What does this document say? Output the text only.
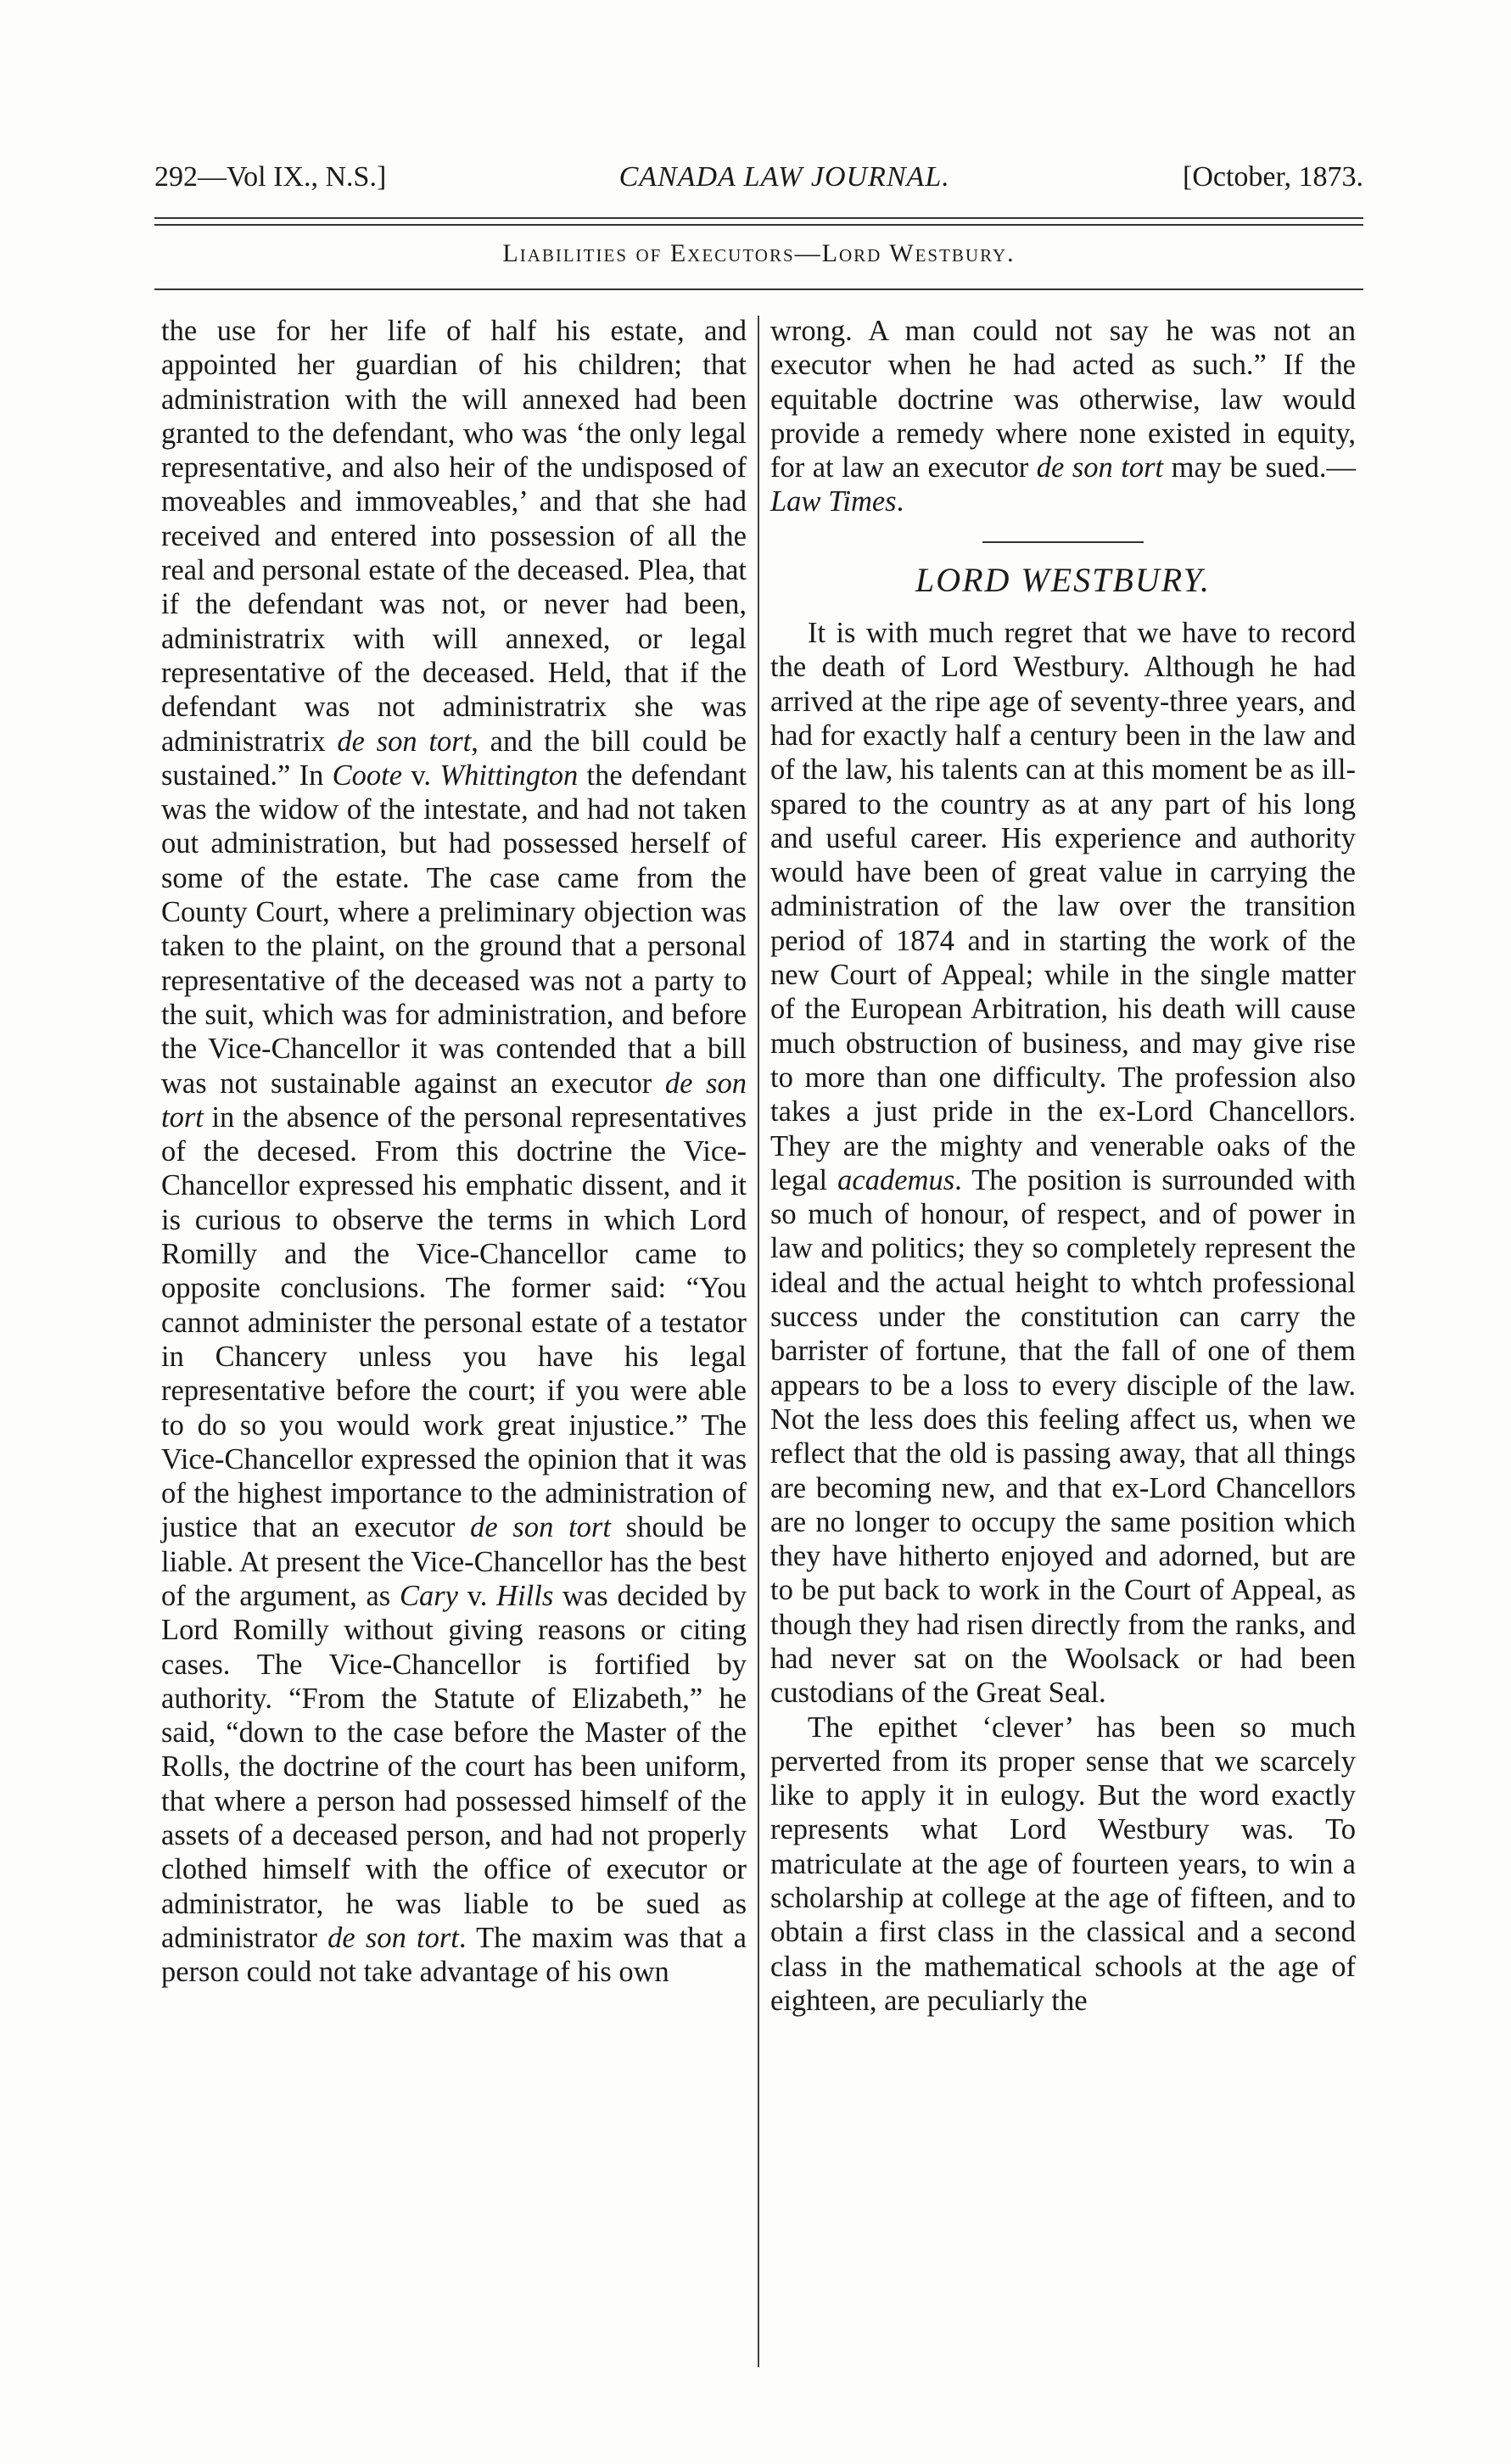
292—Vol IX., N.S.]	CANADA LAW JOURNAL.	[October, 1873.
Liabilities of Executors—Lord Westbury.

the use for her life of half his estate, and appointed her guardian of his children; that administration with the will annexed had been granted to the defendant, who was ‘the only legal representative, and also heir of the undisposed of moveables and immoveables,’ and that she had received and entered into possession of all the real and personal estate of the deceased. Plea, that if the defendant was not, or never had been, administratrix with will annexed, or legal representative of the deceased. Held, that if the defendant was not administratrix she was administratrix de son tort, and the bill could be sustained.” In Coote v. Whittington the defendant was the widow of the intestate, and had not taken out administration, but had possessed herself of some of the estate. The case came from the County Court, where a preliminary objection was taken to the plaint, on the ground that a personal representative of the deceased was not a party to the suit, which was for administration, and before the Vice-Chancellor it was contended that a bill was not sustainable against an executor de son tort in the absence of the personal representatives of the decesed. From this doctrine the Vice-Chancellor expressed his emphatic dissent, and it is curious to observe the terms in which Lord Romilly and the Vice-Chancellor came to opposite conclusions. The former said: “You cannot administer the personal estate of a testator in Chancery unless you have his legal representative before the court; if you were able to do so you would work great injustice.” The Vice-Chancellor expressed the opinion that it was of the highest importance to the administration of justice that an executor de son tort should be liable. At present the Vice-Chancellor has the best of the argument, as Cary v. Hills was decided by Lord Romilly without giving reasons or citing cases. The Vice-Chancellor is fortified by authority. “From the Statute of Elizabeth,” he said, “down to the case before the Master of the Rolls, the doctrine of the court has been uniform, that where a person had possessed himself of the assets of a deceased person, and had not properly clothed himself with the office of executor or administrator, he was liable to be sued as administrator de son tort. The maxim was that a person could not take advantage of his own

wrong. A man could not say he was not an executor when he had acted as such.” If the equitable doctrine was otherwise, law would provide a remedy where none existed in equity, for at law an executor de son tort may be sued.—Law Times.

LORD WESTBURY.

It is with much regret that we have to record the death of Lord Westbury. Although he had arrived at the ripe age of seventy-three years, and had for exactly half a century been in the law and of the law, his talents can at this moment be as ill-spared to the country as at any part of his long and useful career. His experience and authority would have been of great value in carrying the administration of the law over the transition period of 1874 and in starting the work of the new Court of Appeal; while in the single matter of the European Arbitration, his death will cause much obstruction of business, and may give rise to more than one difficulty. The profession also takes a just pride in the ex-Lord Chancellors. They are the mighty and venerable oaks of the legal academus. The position is surrounded with so much of honour, of respect, and of power in law and politics; they so completely represent the ideal and the actual height to whtch professional success under the constitution can carry the barrister of fortune, that the fall of one of them appears to be a loss to every disciple of the law. Not the less does this feeling affect us, when we reflect that the old is passing away, that all things are becoming new, and that ex-Lord Chancellors are no longer to occupy the same position which they have hitherto enjoyed and adorned, but are to be put back to work in the Court of Appeal, as though they had risen directly from the ranks, and had never sat on the Woolsack or had been custodians of the Great Seal.

The epithet ‘clever’ has been so much perverted from its proper sense that we scarcely like to apply it in eulogy. But the word exactly represents what Lord Westbury was. To matriculate at the age of fourteen years, to win a scholarship at college at the age of fifteen, and to obtain a first class in the classical and a second class in the mathematical schools at the age of eighteen, are peculiarly the
